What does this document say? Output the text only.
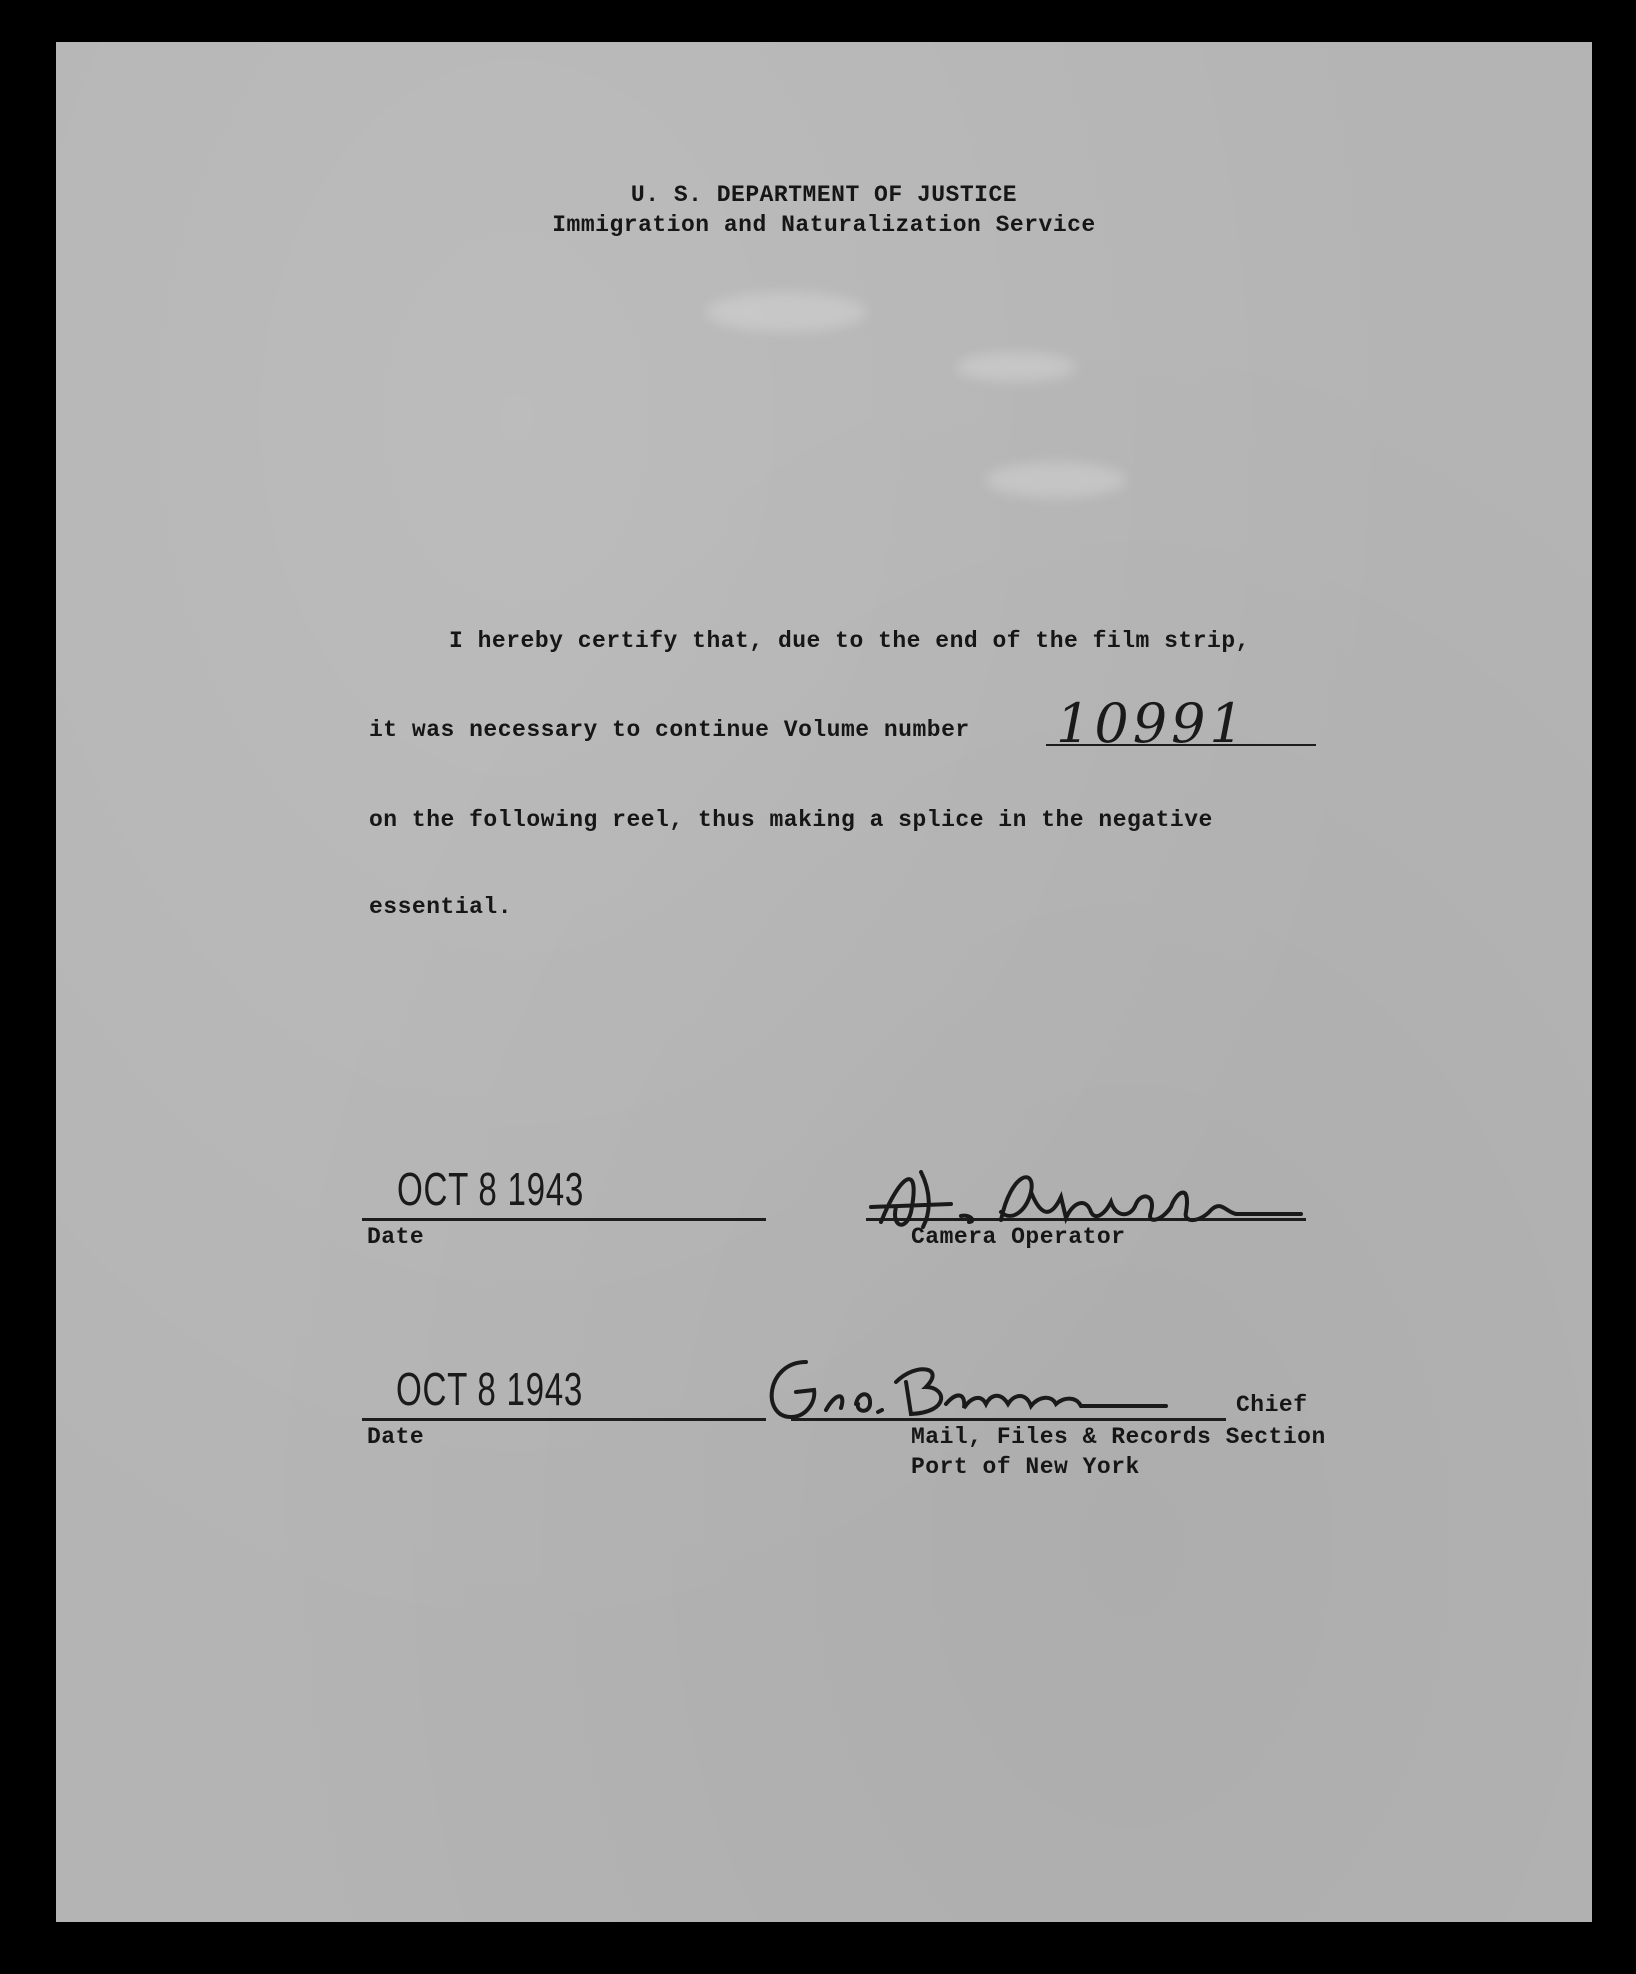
U. S. DEPARTMENT OF JUSTICE
Immigration and Naturalization Service
I hereby certify that, due to the end of the film strip,
it was necessary to continue Volume number 10991
on the following reel, thus making a splice in the negative
essential.
OCT 8 1943
Date	Camera Operator
OCT 8 1943
Date
Chief
Mail, Files & Records Section
Port of New York
